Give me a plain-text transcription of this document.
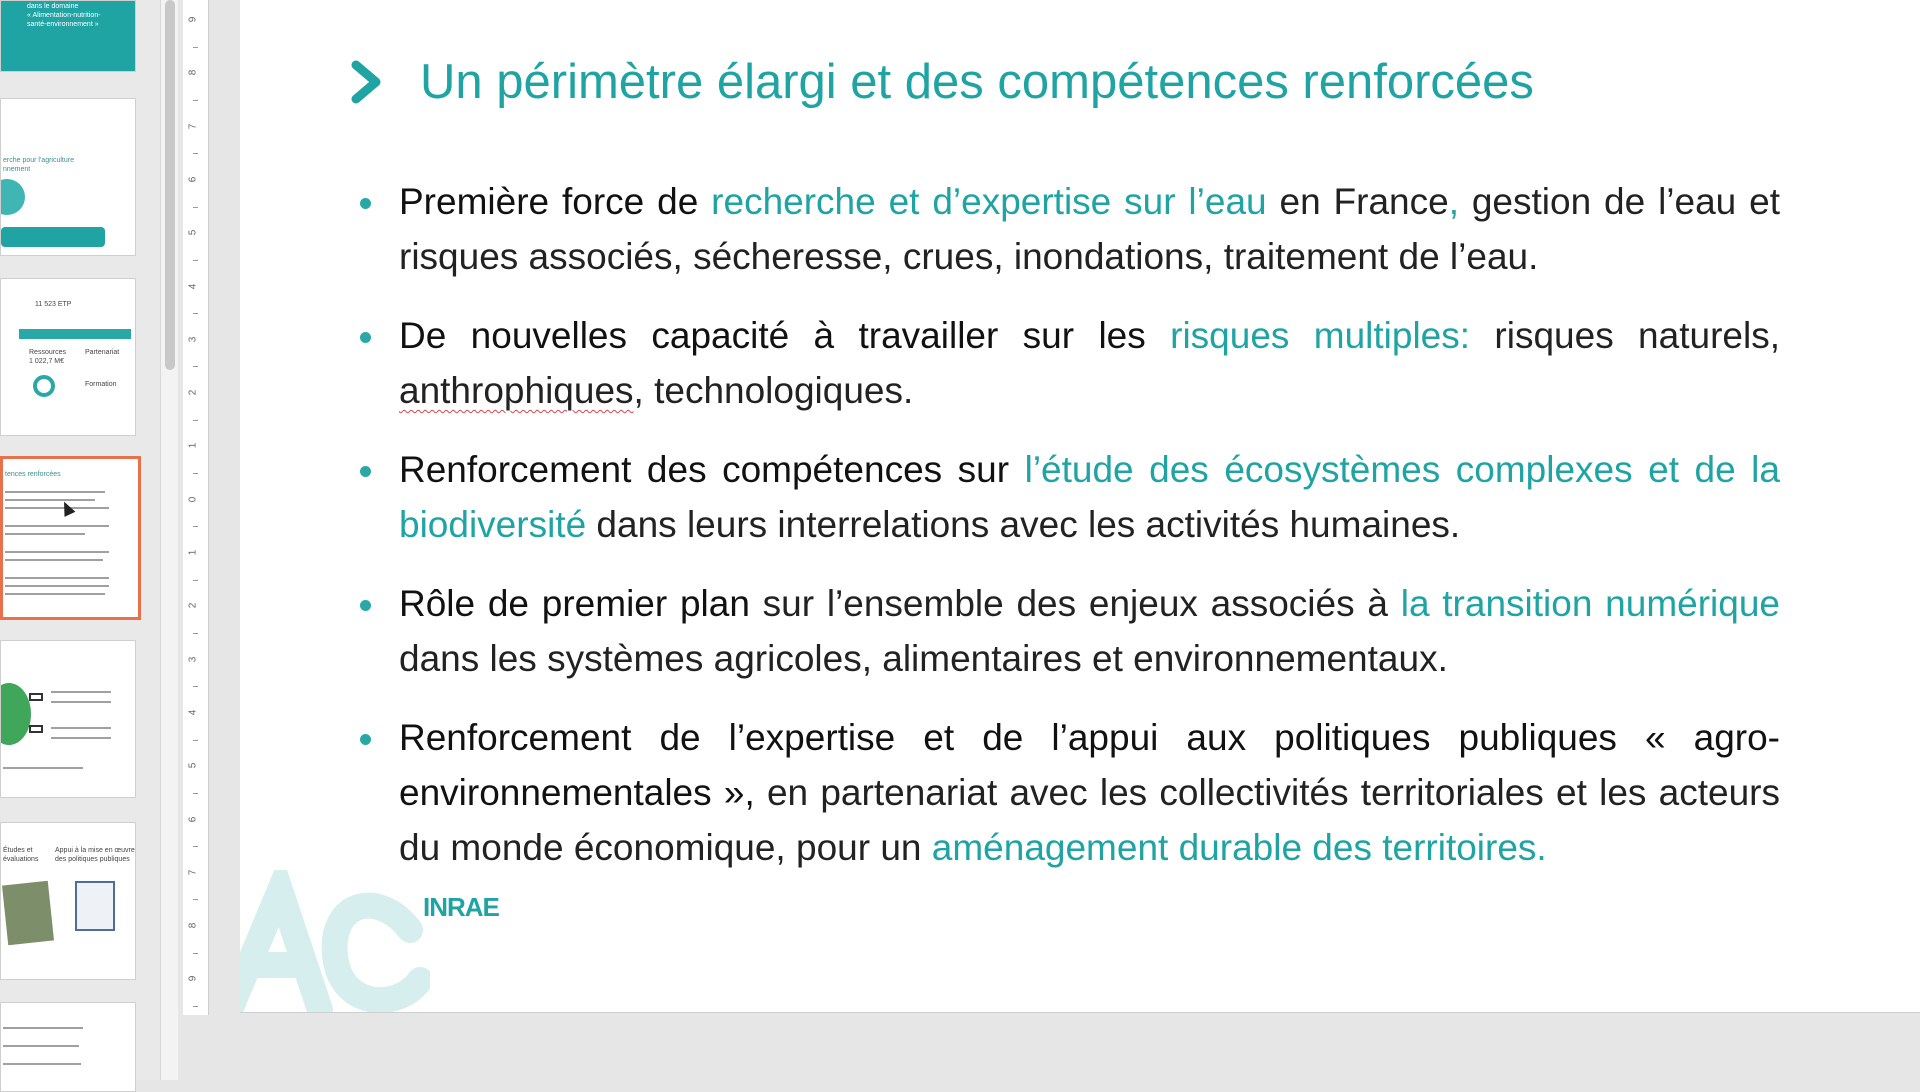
dans le domaine
« Alimentation-nutrition-
santé-environnement »
erche pour l'agriculture
nnement
11 523 ETP
Ressources
1 022,7 M€
Partenariat
Formation
tences renforcées
Études et
évaluations
Appui à la mise en œuvre
des politiques publiques
9
8
7
6
5
4
3
2
1
0
1
2
3
4
5
6
7
8
9
Un périmètre élargi et des compétences renforcées
Première force de recherche et d’expertise sur l’eau en France, gestion de l’eau et risques associés, sécheresse, crues, inondations, traitement de l’eau.
De nouvelles capacité à travailler sur les risques multiples: risques naturels, anthrophiques, technologiques.
Renforcement des compétences sur l’étude des écosystèmes complexes et de la biodiversité dans leurs interrelations avec les activités humaines.
Rôle de premier plan sur l’ensemble des enjeux associés à la transition numérique dans les systèmes agricoles, alimentaires et environnementaux.
Renforcement de l’expertise et de l’appui aux politiques publiques « agro-environnementales », en partenariat avec les collectivités territoriales et les acteurs du monde économique, pour un aménagement durable des territoires.
INRAE
